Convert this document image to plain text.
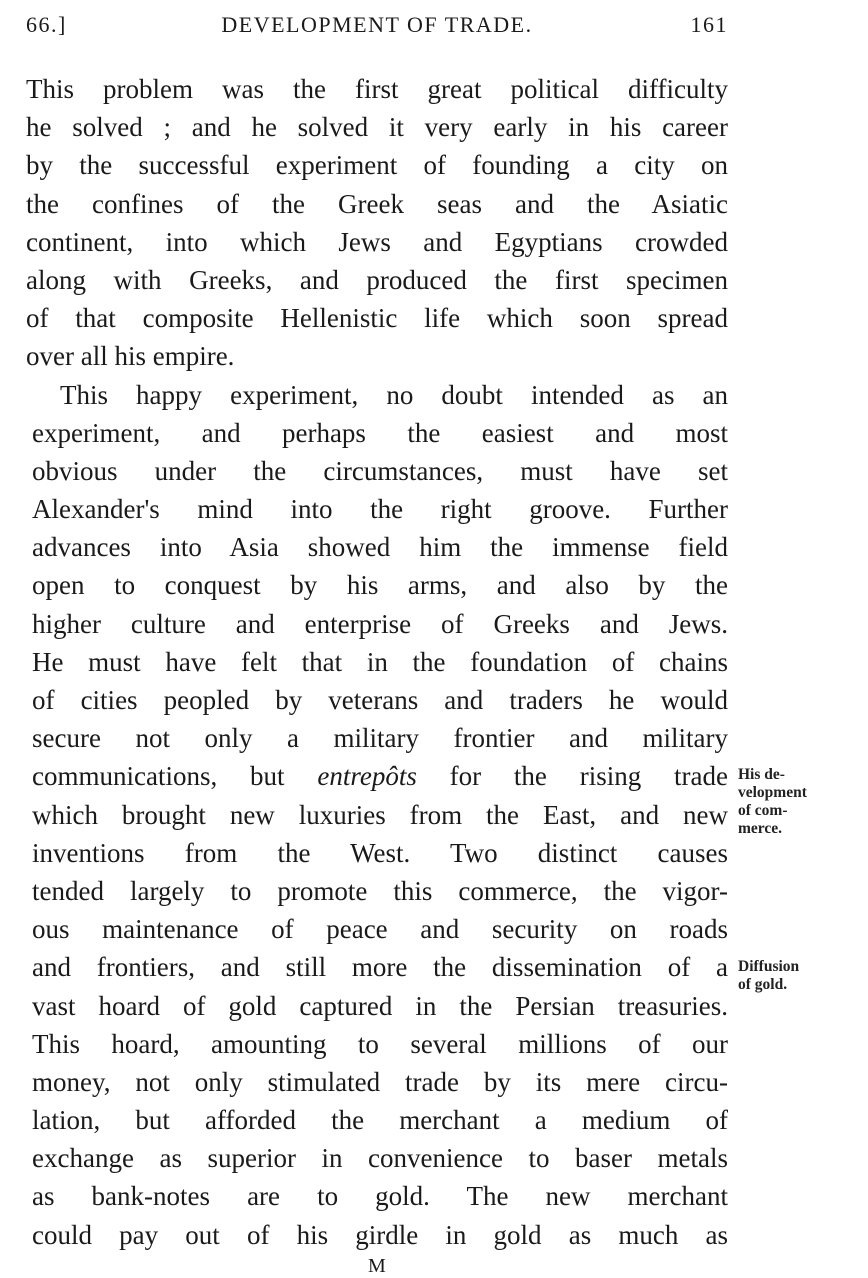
66.]	DEVELOPMENT OF TRADE.	161
This problem was the first great political difficulty
he solved ; and he solved it very early in his career
by the successful experiment of founding a city on
the confines of the Greek seas and the Asiatic
continent, into which Jews and Egyptians crowded
along with Greeks, and produced the first specimen
of that composite Hellenistic life which soon spread
over all his empire.
This happy experiment, no doubt intended as an
experiment, and perhaps the easiest and most
obvious under the circumstances, must have set
Alexander's mind into the right groove. Further
advances into Asia showed him the immense field
open to conquest by his arms, and also by the
higher culture and enterprise of Greeks and Jews.
He must have felt that in the foundation of chains
of cities peopled by veterans and traders he would
secure not only a military frontier and military
communications, but entrepôts for the rising trade
which brought new luxuries from the East, and new
inventions from the West. Two distinct causes
tended largely to promote this commerce, the vigor-
ous maintenance of peace and security on roads
and frontiers, and still more the dissemination of a
vast hoard of gold captured in the Persian treasuries.
This hoard, amounting to several millions of our
money, not only stimulated trade by its mere circu-
lation, but afforded the merchant a medium of
exchange as superior in convenience to baser metals
as bank-notes are to gold. The new merchant
could pay out of his girdle in gold as much as
His de-
velopment
of com-
merce.
Diffusion
of gold.
M
